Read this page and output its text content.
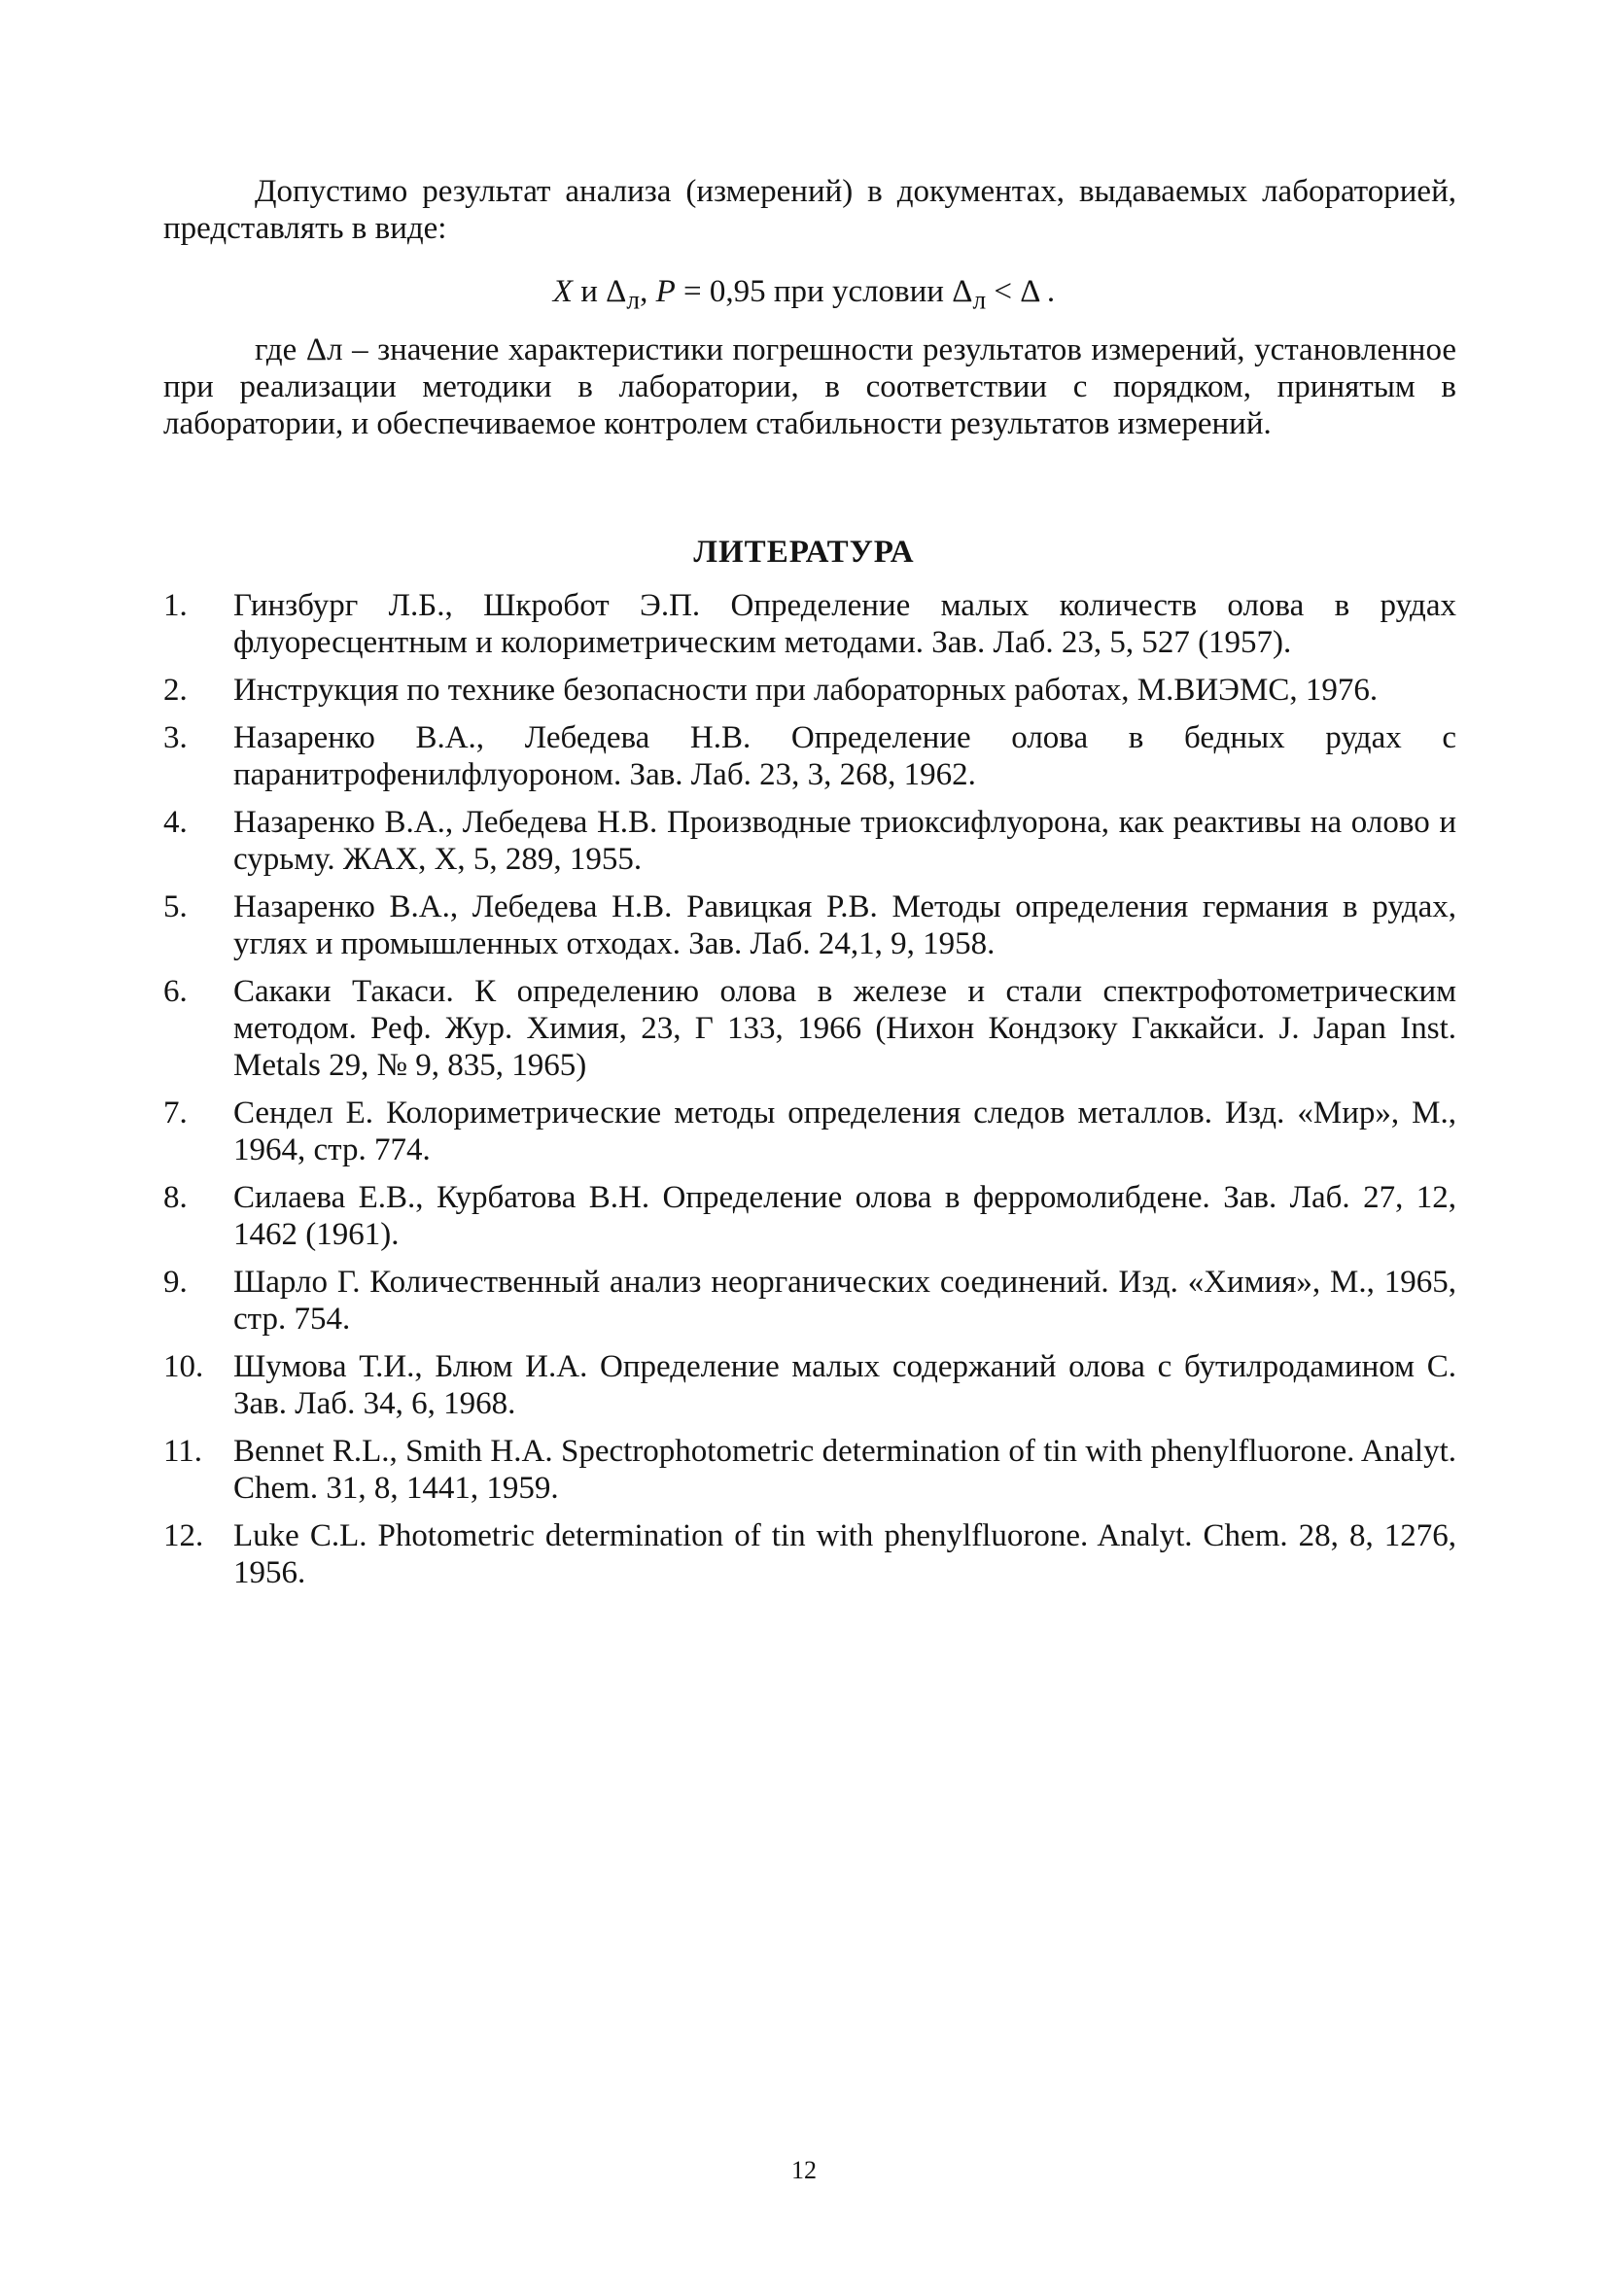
Допустимо результат анализа (измерений) в документах, выдаваемых лабораторией, представлять в виде:

X и $\Delta_л$, P = 0,95 при условии $\Delta_л < \Delta$ .

где Δл – значение характеристики погрешности результатов измерений, установленное при реализации методики в лаборатории, в соответствии с порядком, принятым в лаборатории, и обеспечиваемое контролем стабильности результатов измерений.

ЛИТЕРАТУРА
1.	Гинзбург Л.Б., Шкробот Э.П. Определение малых количеств олова в рудах флуоресцентным и колориметрическим методами. Зав. Лаб. 23, 5, 527 (1957).
2.	Инструкция по технике безопасности при лабораторных работах, М.ВИЭМС, 1976.
3.	Назаренко В.А., Лебедева Н.В. Определение олова в бедных рудах с паранитрофенилфлуороном. Зав. Лаб. 23, 3, 268, 1962.
4.	Назаренко В.А., Лебедева Н.В. Производные триоксифлуорона, как реактивы на олово и сурьму. ЖАХ, X, 5, 289, 1955.
5.	Назаренко В.А., Лебедева Н.В. Равицкая Р.В. Методы определения германия в рудах, углях и промышленных отходах. Зав. Лаб. 24,1, 9, 1958.
6.	Сакаки Такаси. К определению олова в железе и стали спектрофотометрическим методом. Реф. Жур. Химия, 23, Г 133, 1966 (Нихон Кондзоку Гаккайси. J. Japan Inst. Metals 29, № 9, 835, 1965)
7.	Сендел Е. Колориметрические методы определения следов металлов. Изд. «Мир», М., 1964, стр. 774.
8.	Силаева Е.В., Курбатова В.Н. Определение олова в ферромолибдене. Зав. Лаб. 27, 12, 1462 (1961).
9.	Шарло Г. Количественный анализ неорганических соединений. Изд. «Химия», М., 1965, стр. 754.
10. Шумова Т.И., Блюм И.А. Определение малых содержаний олова с бутилродамином С. Зав. Лаб. 34, 6, 1968.
11. Bennet R.L., Smith H.A. Spectrophotometric determination of tin with phenylfluorone. Analyt. Chem. 31, 8, 1441, 1959.
12. Luke C.L. Photometric determination of tin with phenylfluorone. Analyt. Chem. 28, 8, 1276, 1956.
12
